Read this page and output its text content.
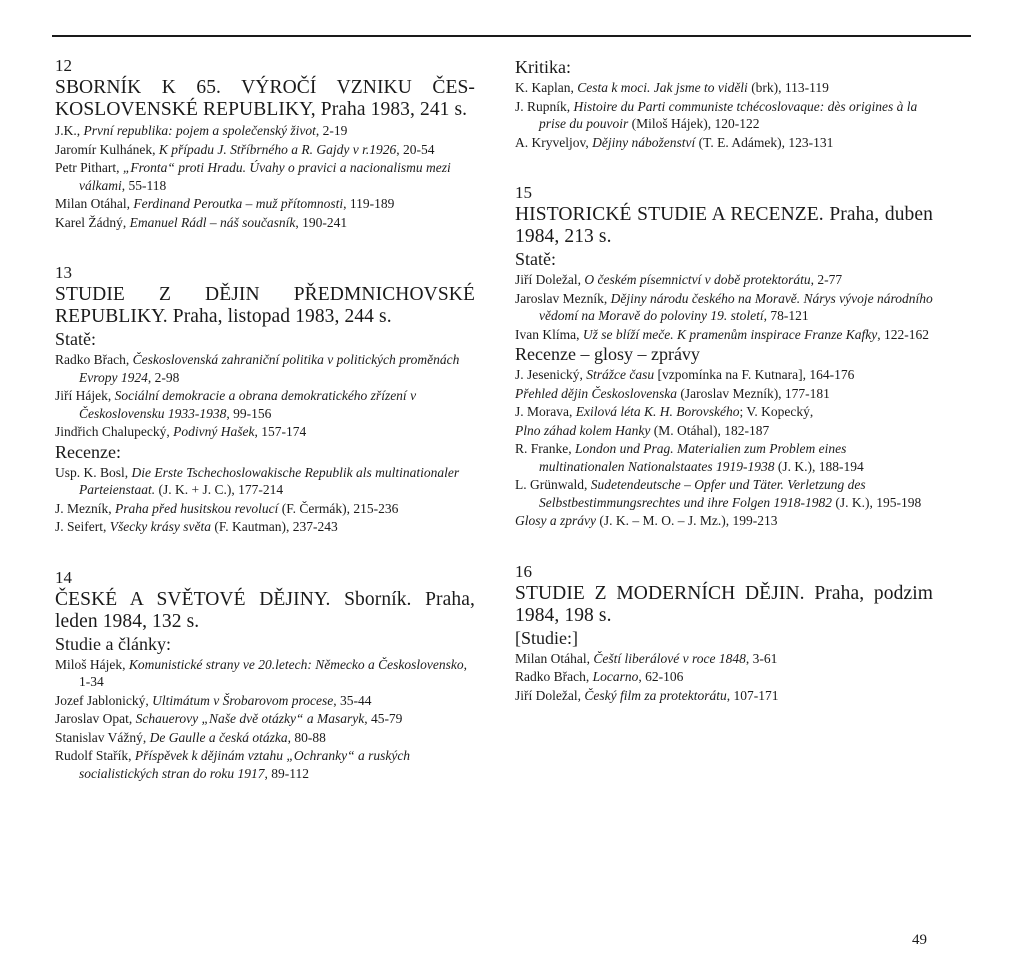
12
SBORNÍK K 65. VÝROČÍ VZNIKU ČES-KOSLOVENSKÉ REPUBLIKY, Praha 1983, 241 s.
J.K., První republika: pojem a společenský život, 2-19
Jaromír Kulhánek, K případu J. Stříbrného a R. Gajdy v r.1926, 20-54
Petr Pithart, „Fronta“ proti Hradu. Úvahy o pravici a nacionalismu mezi válkami, 55-118
Milan Otáhal, Ferdinand Peroutka – muž přítomnosti, 119-189
Karel Žádný, Emanuel Rádl – náš současník, 190-241
13
STUDIE Z DĚJIN PŘEDMNICHOVSKÉ REPUBLIKY. Praha, listopad 1983, 244 s.
Statě:
Radko Břach, Československá zahraniční politika v politických proměnách Evropy 1924, 2-98
Jiří Hájek, Sociální demokracie a obrana demokratického zřízení v Československu 1933-1938, 99-156
Jindřich Chalupecký, Podivný Hašek, 157-174
Recenze:
Usp. K. Bosl, Die Erste Tschechoslowakische Republik als multinationaler Parteienstaat. (J. K. + J. C.), 177-214
J. Mezník, Praha před husitskou revolucí (F. Čermák), 215-236
J. Seifert, Všecky krásy světa (F. Kautman), 237-243
14
ČESKÉ A SVĚTOVÉ DĚJINY. Sborník. Praha, leden 1984, 132 s.
Studie a články:
Miloš Hájek, Komunistické strany ve 20.letech: Německo a Československo, 1-34
Jozef Jablonický, Ultimátum v Šrobarovom procese, 35-44
Jaroslav Opat, Schauerovy „Naše dvě otázky“ a Masaryk, 45-79
Stanislav Vážný, De Gaulle a česká otázka, 80-88
Rudolf Stařík, Příspěvek k dějinám vztahu „Ochranky“ a ruských socialistických stran do roku 1917, 89-112
Kritika:
K. Kaplan, Cesta k moci. Jak jsme to viděli (brk), 113-119
J. Rupník, Histoire du Parti communiste tchécoslovaque: dès origines à la prise du pouvoir (Miloš Hájek), 120-122
A. Kryveljov, Dějiny náboženství (T. E. Adámek), 123-131
15
HISTORICKÉ STUDIE A RECENZE. Praha, duben 1984, 213 s.
Statě:
Jiří Doležal, O českém písemnictví v době protektorátu, 2-77
Jaroslav Mezník, Dějiny národu českého na Moravě. Nárys vývoje národního vědomí na Moravě do poloviny 19. století, 78-121
Ivan Klíma, Už se blíží meče. K pramenům inspirace Franze Kafky, 122-162
Recenze – glosy – zprávy
J. Jesenický, Strážce času [vzpomínka na F. Kutnara], 164-176
Přehled dějin Československa (Jaroslav Mezník), 177-181
J. Morava, Exilová léta K. H. Borovského; V. Kopecký,
Plno záhad kolem Hanky (M. Otáhal), 182-187
R. Franke, London und Prag. Materialien zum Problem eines multinationalen Nationalstaates 1919-1938 (J. K.), 188-194
L. Grünwald, Sudetendeutsche – Opfer und Täter. Verletzung des Selbstbestimmungsrechtes und ihre Folgen 1918-1982 (J. K.), 195-198
Glosy a zprávy (J. K. – M. O. – J. Mz.), 199-213
16
STUDIE Z MODERNÍCH DĚJIN. Praha, podzim 1984, 198 s.
[Studie:]
Milan Otáhal, Čeští liberálové v roce 1848, 3-61
Radko Břach, Locarno, 62-106
Jiří Doležal, Český film za protektorátu, 107-171
49
